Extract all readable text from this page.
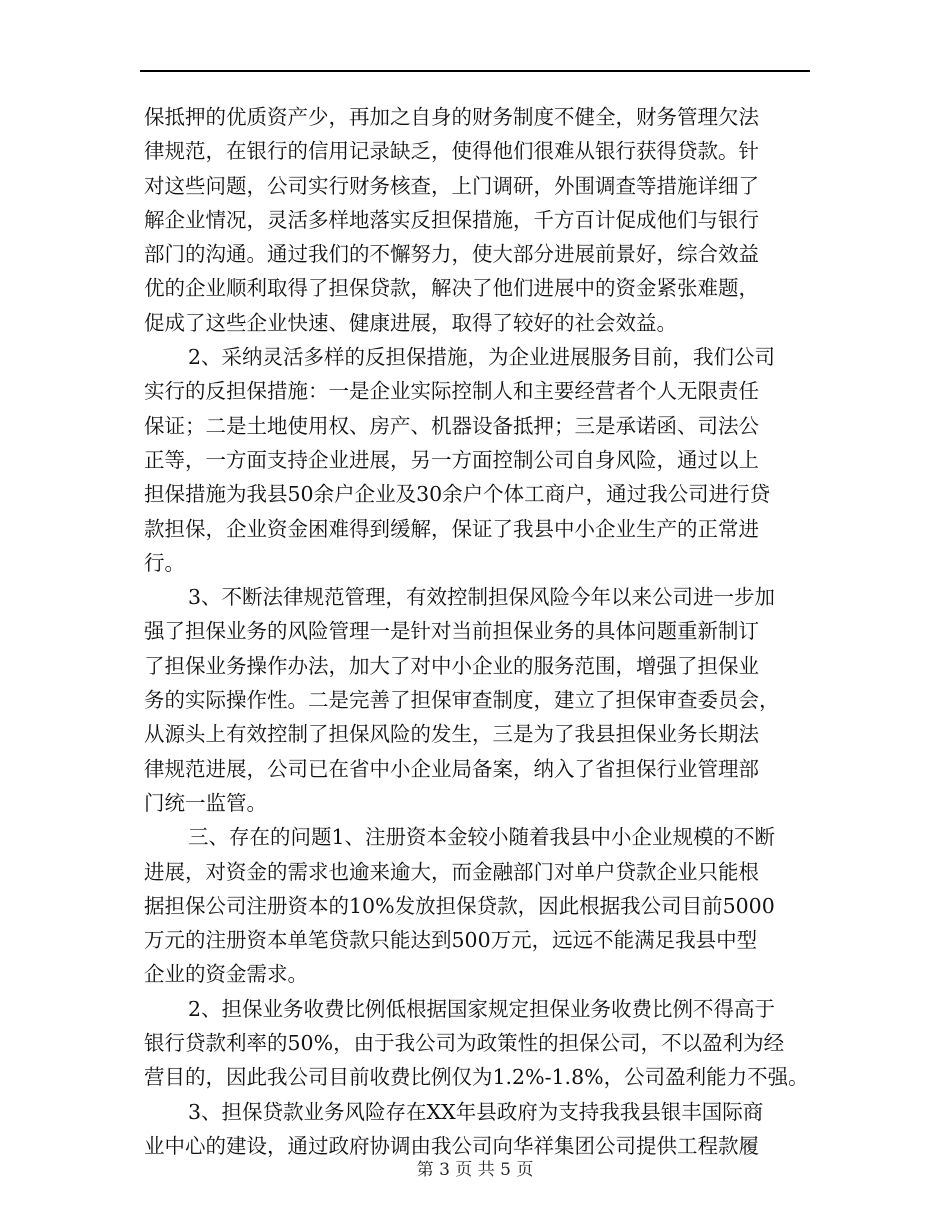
保抵押的优质资产少，再加之自身的财务制度不健全，财务管理欠法
律规范，在银行的信用记录缺乏，使得他们很难从银行获得贷款。针
对这些问题，公司实行财务核查，上门调研，外围调查等措施详细了
解企业情况，灵活多样地落实反担保措施，千方百计促成他们与银行
部门的沟通。通过我们的不懈努力，使大部分进展前景好，综合效益
优的企业顺利取得了担保贷款，解决了他们进展中的资金紧张难题，
促成了这些企业快速、健康进展，取得了较好的社会效益。
2、采纳灵活多样的反担保措施，为企业进展服务目前，我们公司
实行的反担保措施：一是企业实际控制人和主要经营者个人无限责任
保证；二是土地使用权、房产、机器设备抵押；三是承诺函、司法公
正等，一方面支持企业进展，另一方面控制公司自身风险，通过以上
担保措施为我县50余户企业及30余户个体工商户，通过我公司进行贷
款担保，企业资金困难得到缓解，保证了我县中小企业生产的正常进
行。
3、不断法律规范管理，有效控制担保风险今年以来公司进一步加
强了担保业务的风险管理一是针对当前担保业务的具体问题重新制订
了担保业务操作办法，加大了对中小企业的服务范围，增强了担保业
务的实际操作性。二是完善了担保审查制度，建立了担保审查委员会，
从源头上有效控制了担保风险的发生，三是为了我县担保业务长期法
律规范进展，公司已在省中小企业局备案，纳入了省担保行业管理部
门统一监管。
三、存在的问题1、注册资本金较小随着我县中小企业规模的不断
进展，对资金的需求也逾来逾大，而金融部门对单户贷款企业只能根
据担保公司注册资本的10%发放担保贷款，因此根据我公司目前5000
万元的注册资本单笔贷款只能达到500万元，远远不能满足我县中型
企业的资金需求。
2、担保业务收费比例低根据国家规定担保业务收费比例不得高于
银行贷款利率的50%，由于我公司为政策性的担保公司，不以盈利为经
营目的，因此我公司目前收费比例仅为1.2%-1.8%，公司盈利能力不强。
3、担保贷款业务风险存在XX年县政府为支持我我县银丰国际商
业中心的建设，通过政府协调由我公司向华祥集团公司提供工程款履
第 3 页 共 5 页
